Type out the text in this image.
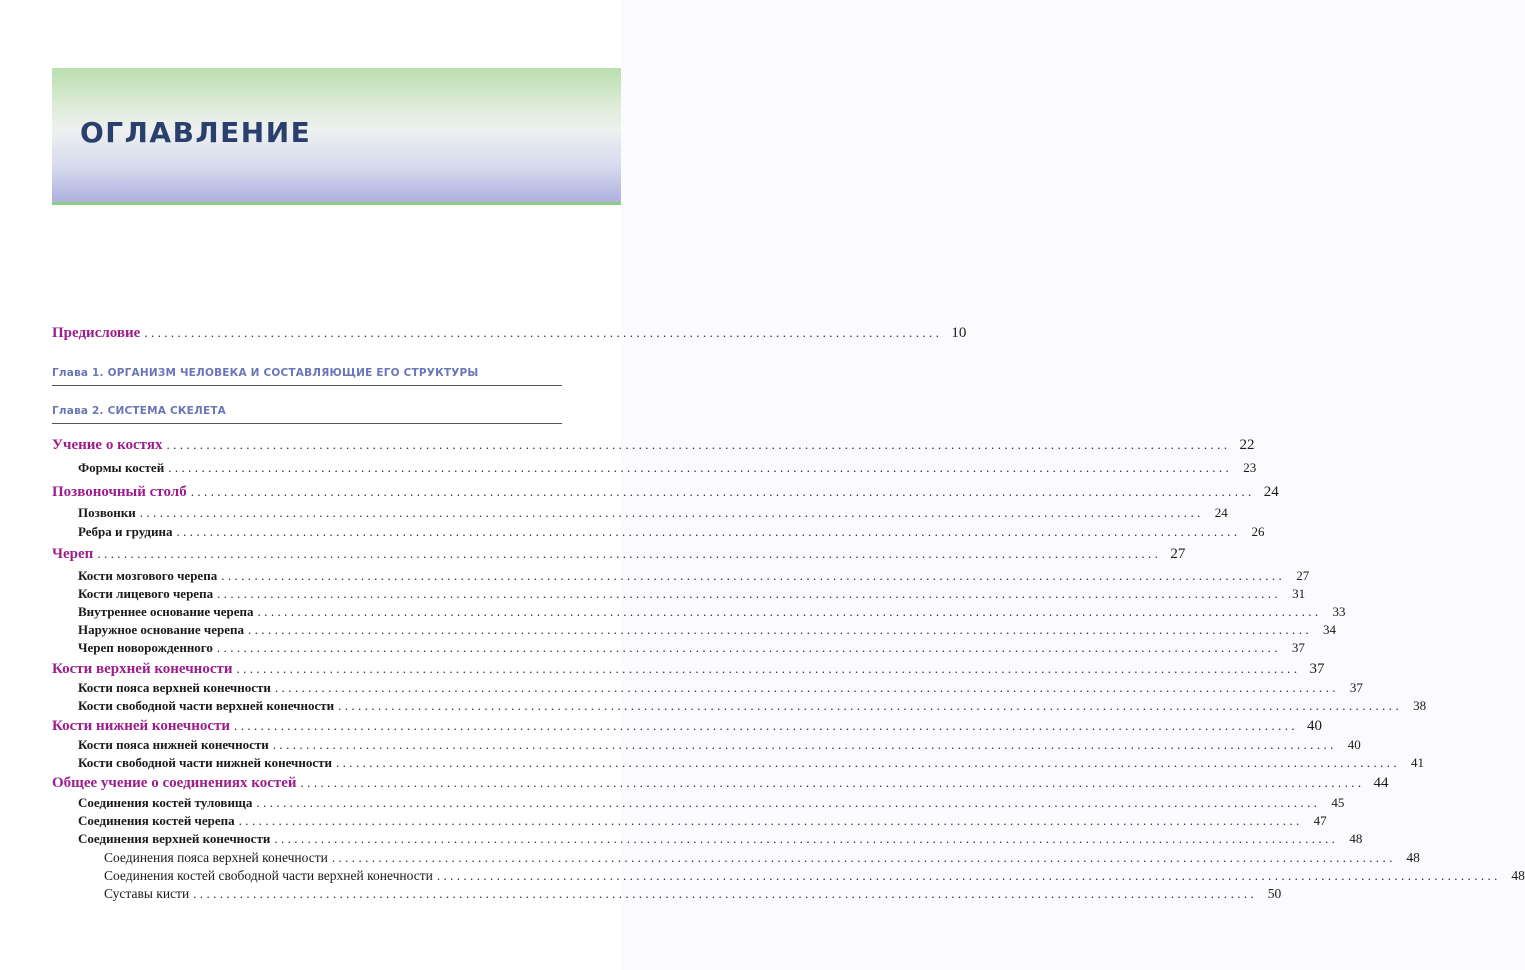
ОГЛАВЛЕНИЕ
Предисловие ........................................................................................................................ 10
Глава 1. ОРГАНИЗМ ЧЕЛОВЕКА И СОСТАВЛЯЮЩИЕ ЕГО СТРУКТУРЫ
Глава 2. СИСТЕМА СКЕЛЕТА
Учение о костях ................................................................................................................................................................ 22
Формы костей ................................................................................................................................................................ 23
Позвоночный столб ................................................................................................................................................................ 24
Позвонки ................................................................................................................................................................ 24
Ребра и грудина ................................................................................................................................................................ 26
Череп ................................................................................................................................................................ 27
Кости мозгового черепа ................................................................................................................................................................ 27
Кости лицевого черепа ................................................................................................................................................................ 31
Внутреннее основание черепа ................................................................................................................................................................ 33
Наружное основание черепа ................................................................................................................................................................ 34
Череп новорожденного ................................................................................................................................................................ 37
Кости верхней конечности ................................................................................................................................................................ 37
Кости пояса верхней конечности ................................................................................................................................................................ 37
Кости свободной части верхней конечности ................................................................................................................................................................ 38
Кости нижней конечности ................................................................................................................................................................ 40
Кости пояса нижней конечности ................................................................................................................................................................ 40
Кости свободной части нижней конечности ................................................................................................................................................................ 41
Общее учение о соединениях костей ................................................................................................................................................................ 44
Соединения костей туловища ................................................................................................................................................................ 45
Соединения костей черепа ................................................................................................................................................................ 47
Соединения верхней конечности ................................................................................................................................................................ 48
Соединения пояса верхней конечности ................................................................................................................................................................ 48
Соединения костей свободной части верхней конечности ................................................................................................................................................................ 48
Суставы кисти ................................................................................................................................................................ 50
